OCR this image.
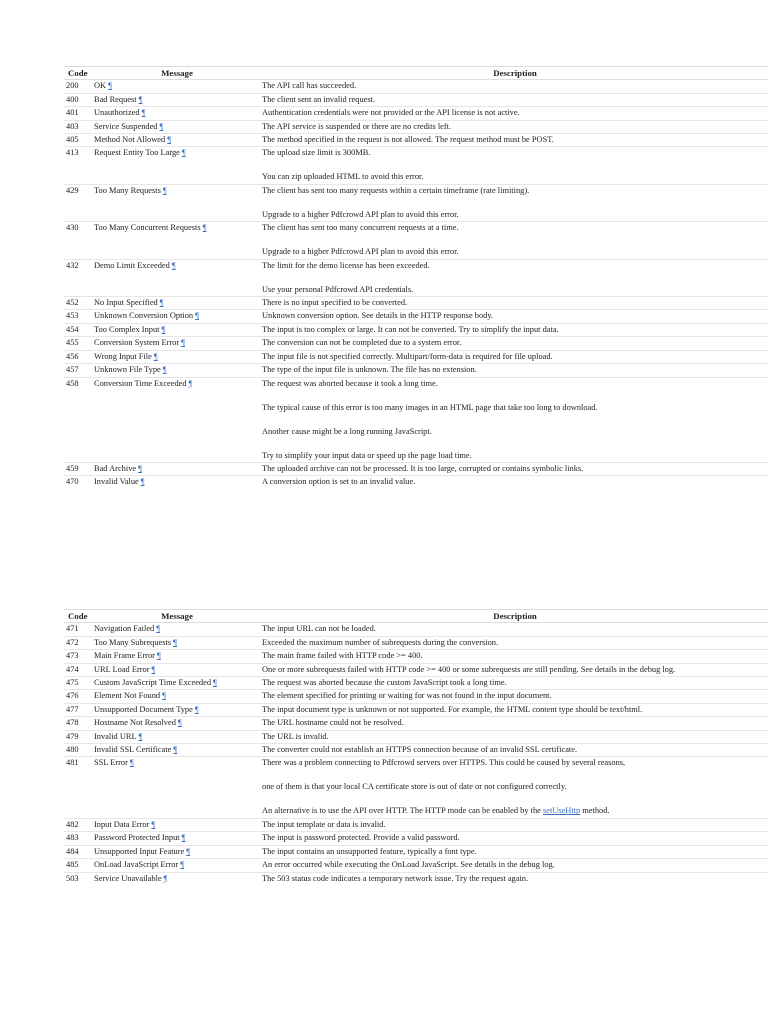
Code	Message	Description
200	OK ¶	The API call has succeeded.

400	Bad Request ¶	The client sent an invalid request.

401	Unauthorized ¶	Authentication credentials were not provided or the API license is not active.

403	Service Suspended ¶	The API service is suspended or there are no credits left.

405	Method Not Allowed ¶	The method specified in the request is not allowed. The request method must be POST.

413	Request Entity Too Large ¶	The upload size limit is 300MB.
You can zip uploaded HTML to avoid this error.

429	Too Many Requests ¶	The client has sent too many requests within a certain timeframe (rate limiting).
Upgrade to a higher Pdfcrowd API plan to avoid this error.

430	Too Many Concurrent Requests ¶	The client has sent too many concurrent requests at a time.
Upgrade to a higher Pdfcrowd API plan to avoid this error.

432	Demo Limit Exceeded ¶	The limit for the demo license has been exceeded.
Use your personal Pdfcrowd API credentials.

452	No Input Specified ¶	There is no input specified to be converted.

453	Unknown Conversion Option ¶	Unknown conversion option. See details in the HTTP response body.

454	Too Complex Input ¶	The input is too complex or large. It can not be converted. Try to simplify the input data.

455	Conversion System Error ¶	The conversion can not be completed due to a system error.

456	Wrong Input File ¶	The input file is not specified correctly. Multipart/form-data is required for file upload.

457	Unknown File Type ¶	The type of the input file is unknown. The file has no extension.

458	Conversion Time Exceeded ¶	The request was aborted because it took a long time.
The typical cause of this error is too many images in an HTML page that take too long to download.
Another cause might be a long running JavaScript.
Try to simplify your input data or speed up the page load time.

459	Bad Archive ¶	The uploaded archive can not be processed. It is too large, corrupted or contains symbolic links.

470	Invalid Value ¶	A conversion option is set to an invalid value.
Code	Message	Description
471	Navigation Failed ¶	The input URL can not be loaded.

472	Too Many Subrequests ¶	Exceeded the maximum number of subrequests during the conversion.

473	Main Frame Error ¶	The main frame failed with HTTP code >= 400.

474	URL Load Error ¶	One or more subrequests failed with HTTP code >= 400 or some subrequests are still pending. See details in the debug log.

475	Custom JavaScript Time Exceeded ¶	The request was aborted because the custom JavaScript took a long time.

476	Element Not Found ¶	The element specified for printing or waiting for was not found in the input document.

477	Unsupported Document Type ¶	The input document type is unknown or not supported. For example, the HTML content type should be text/html.

478	Hostname Not Resolved ¶	The URL hostname could not be resolved.

479	Invalid URL ¶	The URL is invalid.

480	Invalid SSL Certificate ¶	The converter could not establish an HTTPS connection because of an invalid SSL certificate.

481	SSL Error ¶	There was a problem connecting to Pdfcrowd servers over HTTPS. This could be caused by several reasons,
one of them is that your local CA certificate store is out of date or not configured correctly.
An alternative is to use the API over HTTP. The HTTP mode can be enabled by the setUseHttp method.

482	Input Data Error ¶	The input template or data is invalid.

483	Password Protected Input ¶	The input is password protected. Provide a valid password.

484	Unsupported Input Feature ¶	The input contains an unsupported feature, typically a font type.

485	OnLoad JavaScript Error ¶	An error occurred while executing the OnLoad JavaScript. See details in the debug log.

503	Service Unavailable ¶	The 503 status code indicates a temporary network issue. Try the request again.
